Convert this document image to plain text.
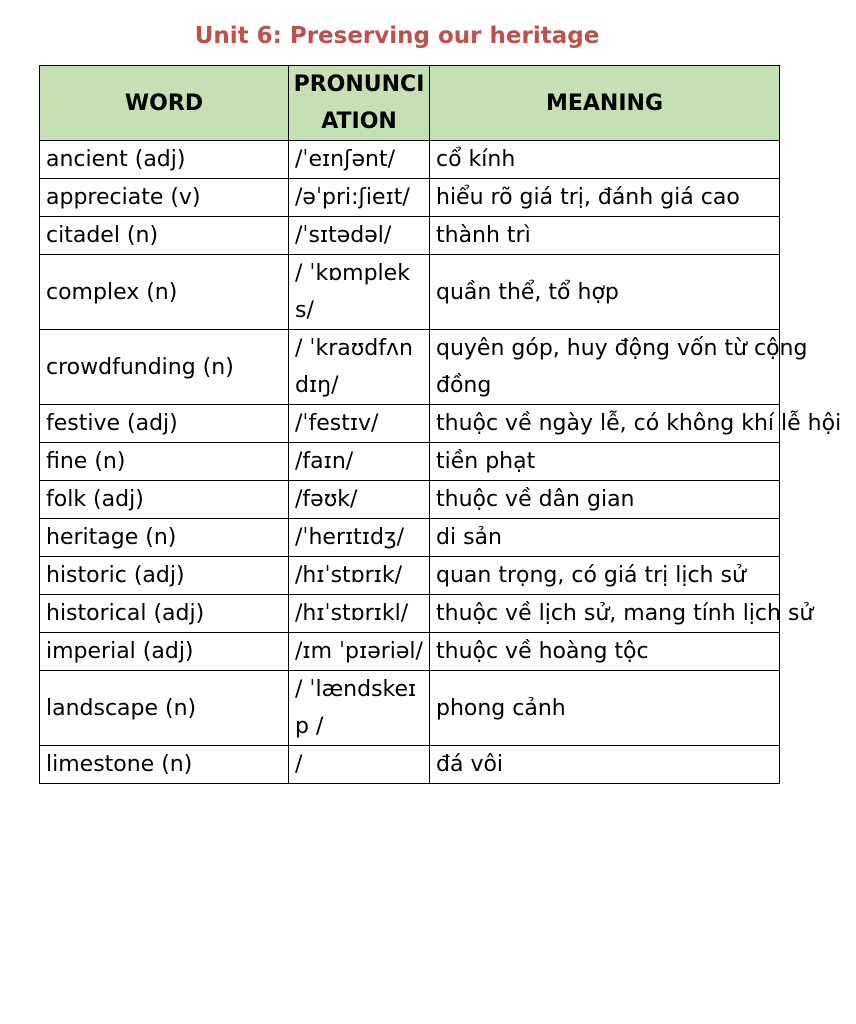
Unit 6: Preserving our heritage
WORD	PRONUNCIATION	MEANING
ancient (adj)	/ˈeɪnʃənt/	cổ kính
appreciate (v)	/əˈpri:ʃieɪt/	hiểu rõ giá trị, đánh giá cao
citadel (n)	/ˈsɪtədəl/	thành trì
complex (n)	/ ˈkɒmpleks/	quần thể, tổ hợp
crowdfunding (n)	/ ˈkraʊdfʌndɪŋ/	quyên góp, huy động vốn từ cộng đồng

festive (adj)	/ˈfestɪv/	thuộc về ngày lễ, có không khí lễ hội

fine (n)	/faɪn/	tiền phạt
folk (adj)	/fəʊk/	thuộc về dân gian
heritage (n)	/ˈherɪtɪdʒ/	di sản
historic (adj)	/hɪˈstɒrɪk/	quan trọng, có giá trị lịch sử
historical (adj)	/hɪˈstɒrɪkl/	thuộc về lịch sử, mang tính lịch sử

imperial (adj)	/ɪm ˈpɪəriəl/	thuộc về hoàng tộc
landscape (n)	/ ˈlændskeɪp /	phong cảnh
limestone (n)	/	đá vôi
